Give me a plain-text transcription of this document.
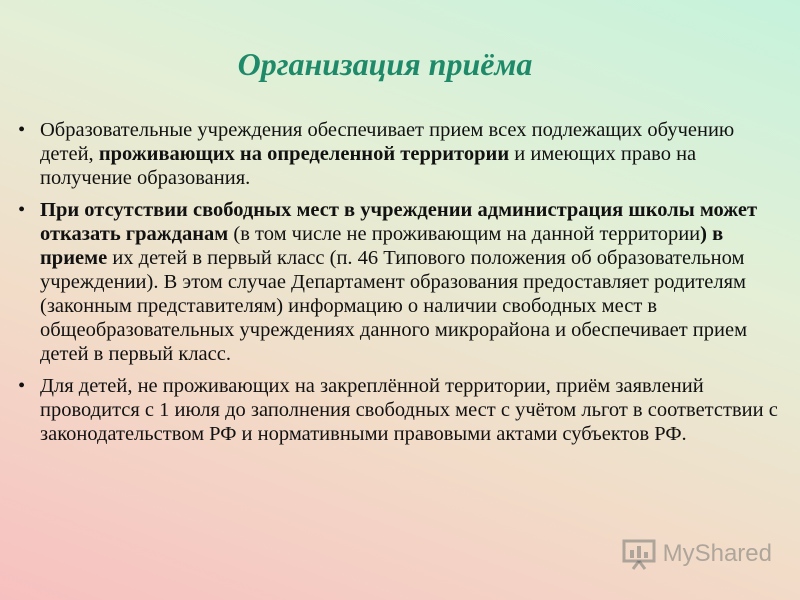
Организация приёма
• Образовательные учреждения обеспечивает прием всех подлежащих обучению детей, проживающих на определенной территории и имеющих право на получение образования.
• При отсутствии свободных мест в учреждении администрация школы может отказать гражданам (в том числе не проживающим на данной территории) в приеме их детей в первый класс (п. 46 Типового положения об образовательном учреждении). В этом случае Департамент образования предоставляет родителям (законным представителям) информацию о наличии свободных мест в общеобразовательных учреждениях данного микрорайона и обеспечивает прием детей в первый класс.
• Для детей, не проживающих на закреплённой территории, приём заявлений проводится с 1 июля до заполнения свободных мест с учётом льгот в соответствии с законодательством РФ и нормативными правовыми актами субъектов РФ.
MyShared
